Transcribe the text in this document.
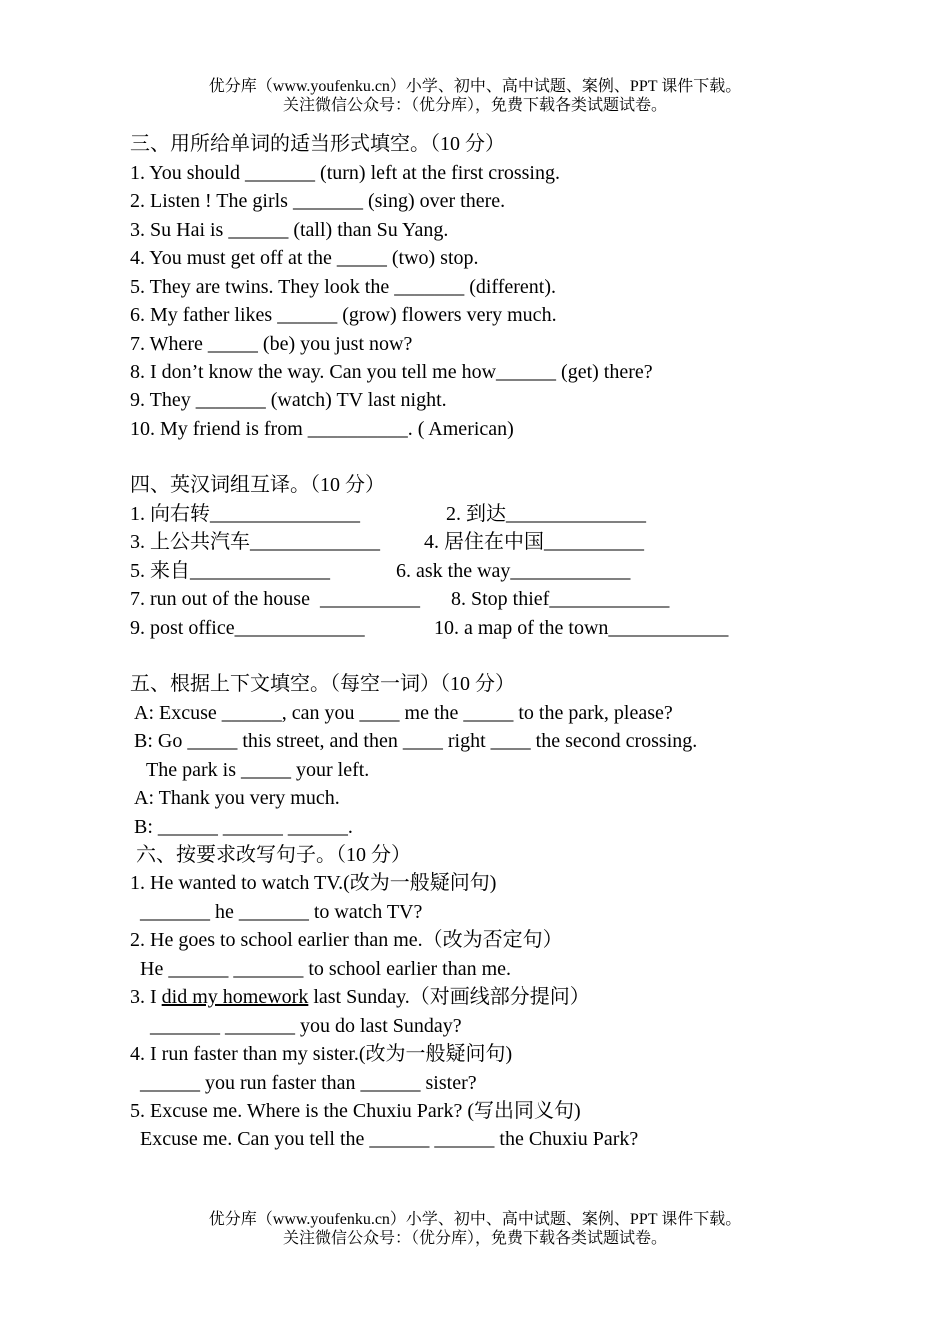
优分库（www.youfenku.cn）小学、初中、高中试题、案例、PPT 课件下载。
关注微信公众号：（优分库），免费下载各类试题试卷。
三、用所给单词的适当形式填空。（10 分）
1. You should _______ (turn) left at the first crossing.
2. Listen ! The girls _______ (sing) over there.
3. Su Hai is ______ (tall) than Su Yang.
4. You must get off at the _____ (two) stop.
5. They are twins. They look the _______ (different).
6. My father likes ______ (grow) flowers very much.
7. Where _____ (be) you just now?
8. I don’t know the way. Can you tell me how______ (get) there?
9. They _______ (watch) TV last night.
10. My friend is from __________. ( American)
四、英汉词组互译。（10 分）
1. 向右转_______________	2. 到达______________
3. 上公共汽车_____________ 4. 居住在中国__________
5. 来自______________	6. ask the way____________
7. run out of the house  __________ 8. Stop thief____________
9. post office_____________	10. a map of the town____________
五、根据上下文填空。（每空一词）（10 分）
A: Excuse ______, can you ____ me the _____ to the park, please?
B: Go _____ this street, and then ____ right ____ the second crossing.
The park is _____ your left.
A: Thank you very much.
B: ______ ______ ______.
六、按要求改写句子。（10 分）
1. He wanted to watch TV.(改为一般疑问句)
_______ he _______ to watch TV?
2. He goes to school earlier than me.（改为否定句）
He ______ _______ to school earlier than me.
3. I did my homework last Sunday.（对画线部分提问）
_______ _______ you do last Sunday?
4. I run faster than my sister.(改为一般疑问句)
______ you run faster than ______ sister?
5. Excuse me. Where is the Chuxiu Park? (写出同义句)
Excuse me. Can you tell the ______ ______ the Chuxiu Park?
优分库（www.youfenku.cn）小学、初中、高中试题、案例、PPT 课件下载。
关注微信公众号：（优分库），免费下载各类试题试卷。
